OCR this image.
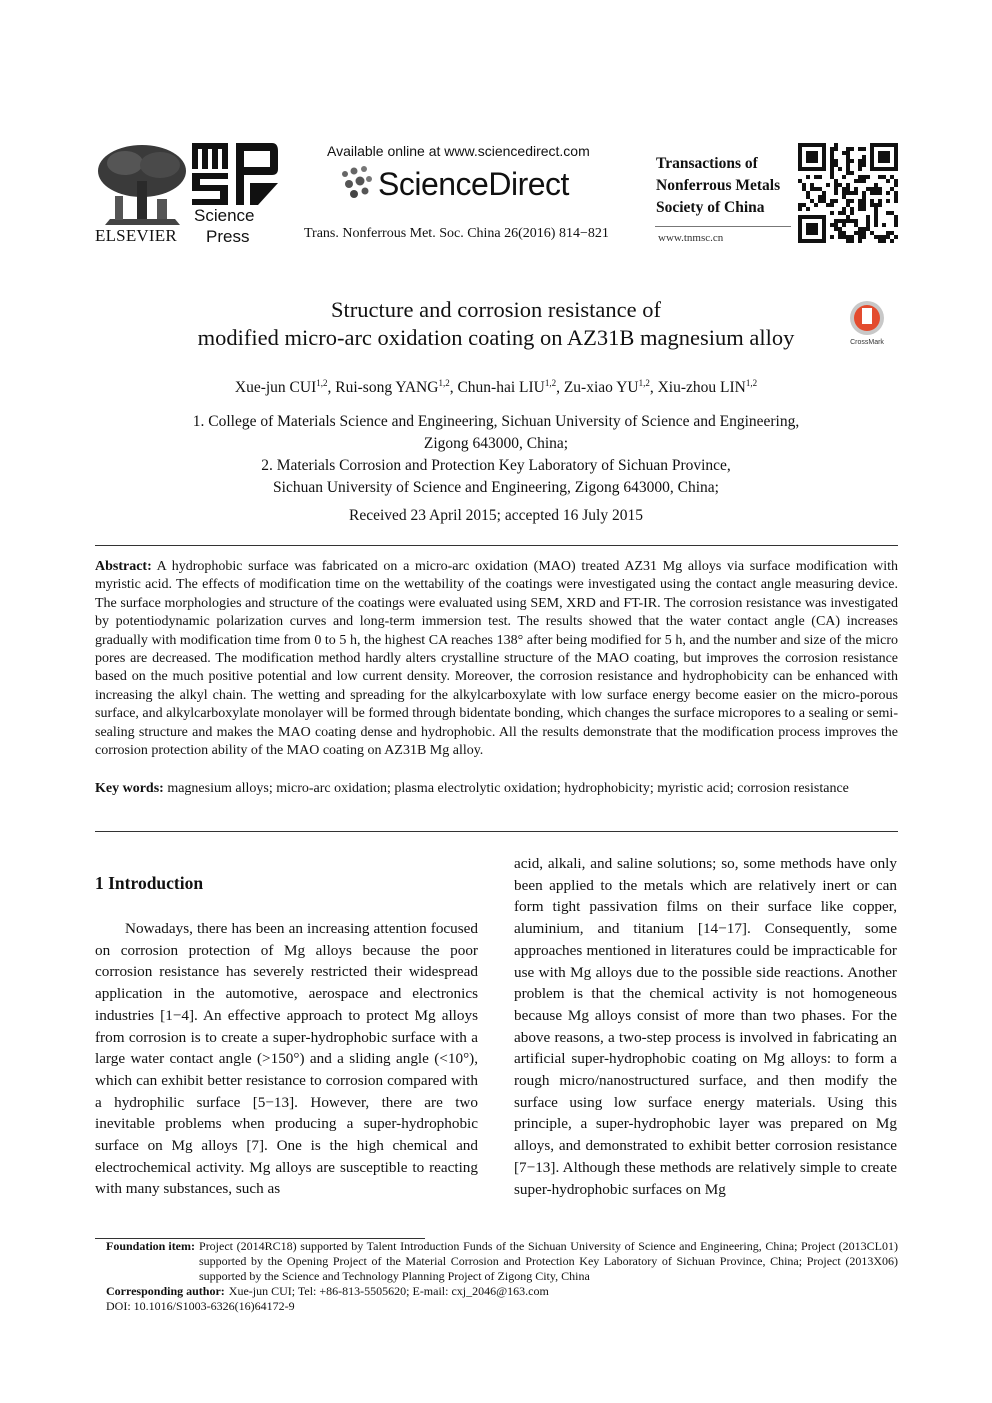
ELSEVIER
Science
Press
Available online at www.sciencedirect.com
ScienceDirect
Trans. Nonferrous Met. Soc. China 26(2016) 814−821
Transactions of
Nonferrous Metals
Society of China
www.tnmsc.cn
Structure and corrosion resistance of
modified micro-arc oxidation coating on AZ31B magnesium alloy	CrossMark
Xue-jun CUI$^{1,2}$, Rui-song YANG$^{1,2}$, Chun-hai LIU$^{1,2}$, Zu-xiao YU$^{1,2}$, Xiu-zhou LIN$^{1,2}$
1. College of Materials Science and Engineering, Sichuan University of Science and Engineering,
Zigong 643000, China;
2. Materials Corrosion and Protection Key Laboratory of Sichuan Province,
Sichuan University of Science and Engineering, Zigong 643000, China;
Received 23 April 2015; accepted 16 July 2015
Abstract: A hydrophobic surface was fabricated on a micro-arc oxidation (MAO) treated AZ31 Mg alloys via surface modification with myristic acid. The effects of modification time on the wettability of the coatings were investigated using the contact angle measuring device. The surface morphologies and structure of the coatings were evaluated using SEM, XRD and FT-IR. The corrosion resistance was investigated by potentiodynamic polarization curves and long-term immersion test. The results showed that the water contact angle (CA) increases gradually with modification time from 0 to 5 h, the highest CA reaches 138° after being modified for 5 h, and the number and size of the micro pores are decreased. The modification method hardly alters crystalline structure of the MAO coating, but improves the corrosion resistance based on the much positive potential and low current density. Moreover, the corrosion resistance and hydrophobicity can be enhanced with increasing the alkyl chain. The wetting and spreading for the alkylcarboxylate with low surface energy become easier on the micro-porous surface, and alkylcarboxylate monolayer will be formed through bidentate bonding, which changes the surface micropores to a sealing or semi-sealing structure and makes the MAO coating dense and hydrophobic. All the results demonstrate that the modification process improves the corrosion protection ability of the MAO coating on AZ31B Mg alloy.
Key words: magnesium alloys; micro-arc oxidation; plasma electrolytic oxidation; hydrophobicity; myristic acid; corrosion resistance
1 Introduction
Nowadays, there has been an increasing attention focused on corrosion protection of Mg alloys because the poor corrosion resistance has severely restricted their widespread application in the automotive, aerospace and electronics industries [1−4]. An effective approach to protect Mg alloys from corrosion is to create a super-hydrophobic surface with a large water contact angle (>150°) and a sliding angle (<10°), which can exhibit better resistance to corrosion compared with a hydrophilic surface [5−13]. However, there are two inevitable problems when producing a super-hydrophobic surface on Mg alloys [7]. One is the high chemical and electrochemical activity. Mg alloys are susceptible to reacting with many substances, such as
acid, alkali, and saline solutions; so, some methods have only been applied to the metals which are relatively inert or can form tight passivation films on their surface like copper, aluminium, and titanium [14−17]. Consequently, some approaches mentioned in literatures could be impracticable for use with Mg alloys due to the possible side reactions. Another problem is that the chemical activity is not homogeneous because Mg alloys consist of more than two phases. For the above reasons, a two-step process is involved in fabricating an artificial super-hydrophobic coating on Mg alloys: to form a rough micro/nanostructured surface, and then modify the surface using low surface energy materials. Using this principle, a super-hydrophobic layer was prepared on Mg alloys, and demonstrated to exhibit better corrosion resistance [7−13]. Although these methods are relatively simple to create super-hydrophobic surfaces on Mg
Foundation item: Project (2014RC18) supported by Talent Introduction Funds of the Sichuan University of Science and Engineering, China; Project (2013CL01) supported by the Opening Project of the Material Corrosion and Protection Key Laboratory of Sichuan Province, China; Project (2013X06) supported by the Science and Technology Planning Project of Zigong City, China
Corresponding author: Xue-jun CUI; Tel: +86-813-5505620; E-mail: cxj_2046@163.com
DOI: 10.1016/S1003-6326(16)64172-9
